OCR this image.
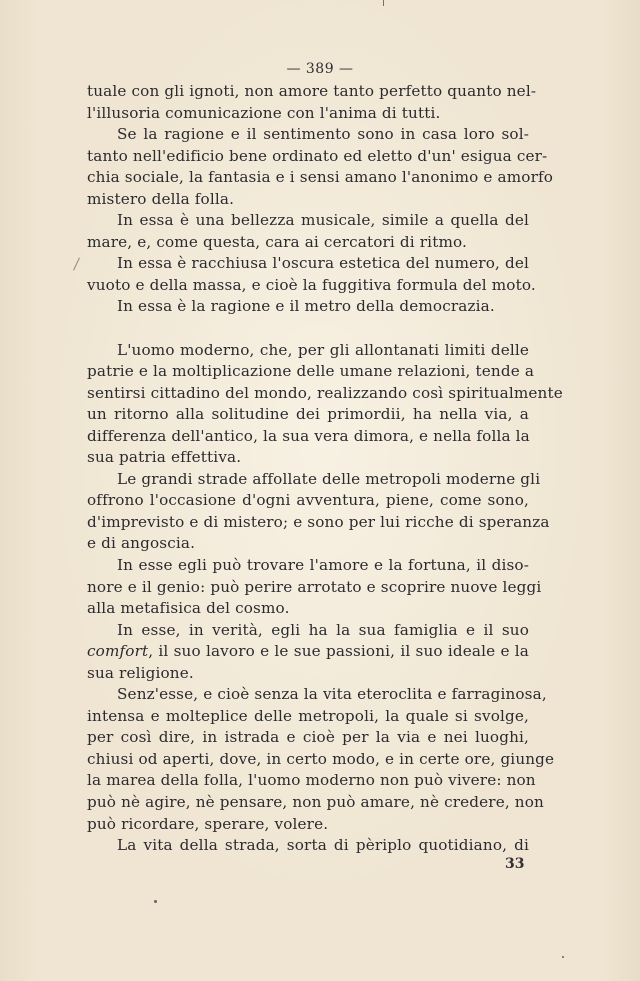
— 389 —
tuale con gli ignoti, non amore tanto perfetto quanto nel-
l'illusoria comunicazione con l'anima di tutti.
Se la ragione e il sentimento sono in casa loro sol-
tanto nell'edificio bene ordinato ed eletto d'un' esigua cer-
chia sociale, la fantasia e i sensi amano l'anonimo e amorfo
mistero della folla.
In essa è una bellezza musicale, simile a quella del
mare, e, come questa, cara ai cercatori di ritmo.
In essa è racchiusa l'oscura estetica del numero, del
vuoto e della massa, e cioè la fuggitiva formula del moto.
In essa è la ragione e il metro della democrazia.
L'uomo moderno, che, per gli allontanati limiti delle
patrie e la moltiplicazione delle umane relazioni, tende a
sentirsi cittadino del mondo, realizzando così spiritualmente
un ritorno alla solitudine dei primordii, ha nella via, a
differenza dell'antico, la sua vera dimora, e nella folla la
sua patria effettiva.
Le grandi strade affollate delle metropoli moderne gli
offrono l'occasione d'ogni avventura, piene, come sono,
d'imprevisto e di mistero; e sono per lui ricche di speranza
e di angoscia.
In esse egli può trovare l'amore e la fortuna, il diso-
nore e il genio: può perire arrotato e scoprire nuove leggi
alla metafisica del cosmo.
In esse, in verità, egli ha la sua famiglia e il suo
comfort, il suo lavoro e le sue passioni, il suo ideale e la
sua religione.
Senz'esse, e cioè senza la vita eteroclita e farraginosa,
intensa e molteplice delle metropoli, la quale si svolge,
per così dire, in istrada e cioè per la via e nei luoghi,
chiusi od aperti, dove, in certo modo, e in certe ore, giunge
la marea della folla, l'uomo moderno non può vivere: non
può nè agire, nè pensare, non può amare, nè credere, non
può ricordare, sperare, volere.
La vita della strada, sorta di pèriplo quotidiano, di
33
